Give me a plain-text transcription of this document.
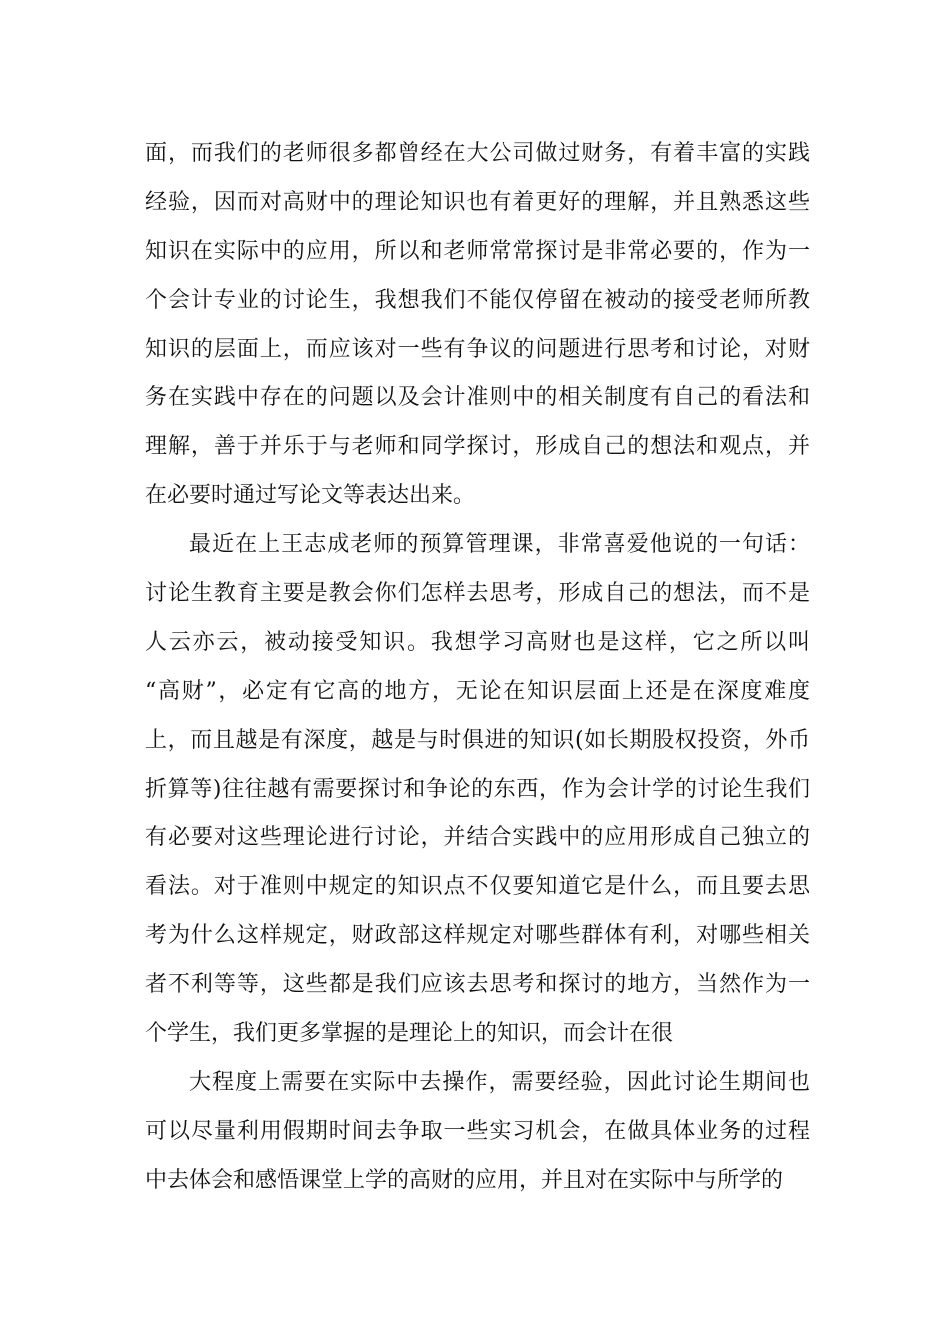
面，而我们的老师很多都曾经在大公司做过财务，有着丰富的实践
经验，因而对高财中的理论知识也有着更好的理解，并且熟悉这些
知识在实际中的应用，所以和老师常常探讨是非常必要的，作为一
个会计专业的讨论生，我想我们不能仅停留在被动的接受老师所教
知识的层面上，而应该对一些有争议的问题进行思考和讨论，对财
务在实践中存在的问题以及会计准则中的相关制度有自己的看法和
理解，善于并乐于与老师和同学探讨，形成自己的想法和观点，并
在必要时通过写论文等表达出来。
最近在上王志成老师的预算管理课，非常喜爱他说的一句话：
讨论生教育主要是教会你们怎样去思考，形成自己的想法，而不是
人云亦云，被动接受知识。我想学习高财也是这样，它之所以叫
“高财”，必定有它高的地方，无论在知识层面上还是在深度难度
上，而且越是有深度，越是与时俱进的知识(如长期股权投资，外币
折算等)往往越有需要探讨和争论的东西，作为会计学的讨论生我们
有必要对这些理论进行讨论，并结合实践中的应用形成自己独立的
看法。对于准则中规定的知识点不仅要知道它是什么，而且要去思
考为什么这样规定，财政部这样规定对哪些群体有利，对哪些相关
者不利等等，这些都是我们应该去思考和探讨的地方，当然作为一
个学生，我们更多掌握的是理论上的知识，而会计在很
大程度上需要在实际中去操作，需要经验，因此讨论生期间也
可以尽量利用假期时间去争取一些实习机会，在做具体业务的过程
中去体会和感悟课堂上学的高财的应用，并且对在实际中与所学的
